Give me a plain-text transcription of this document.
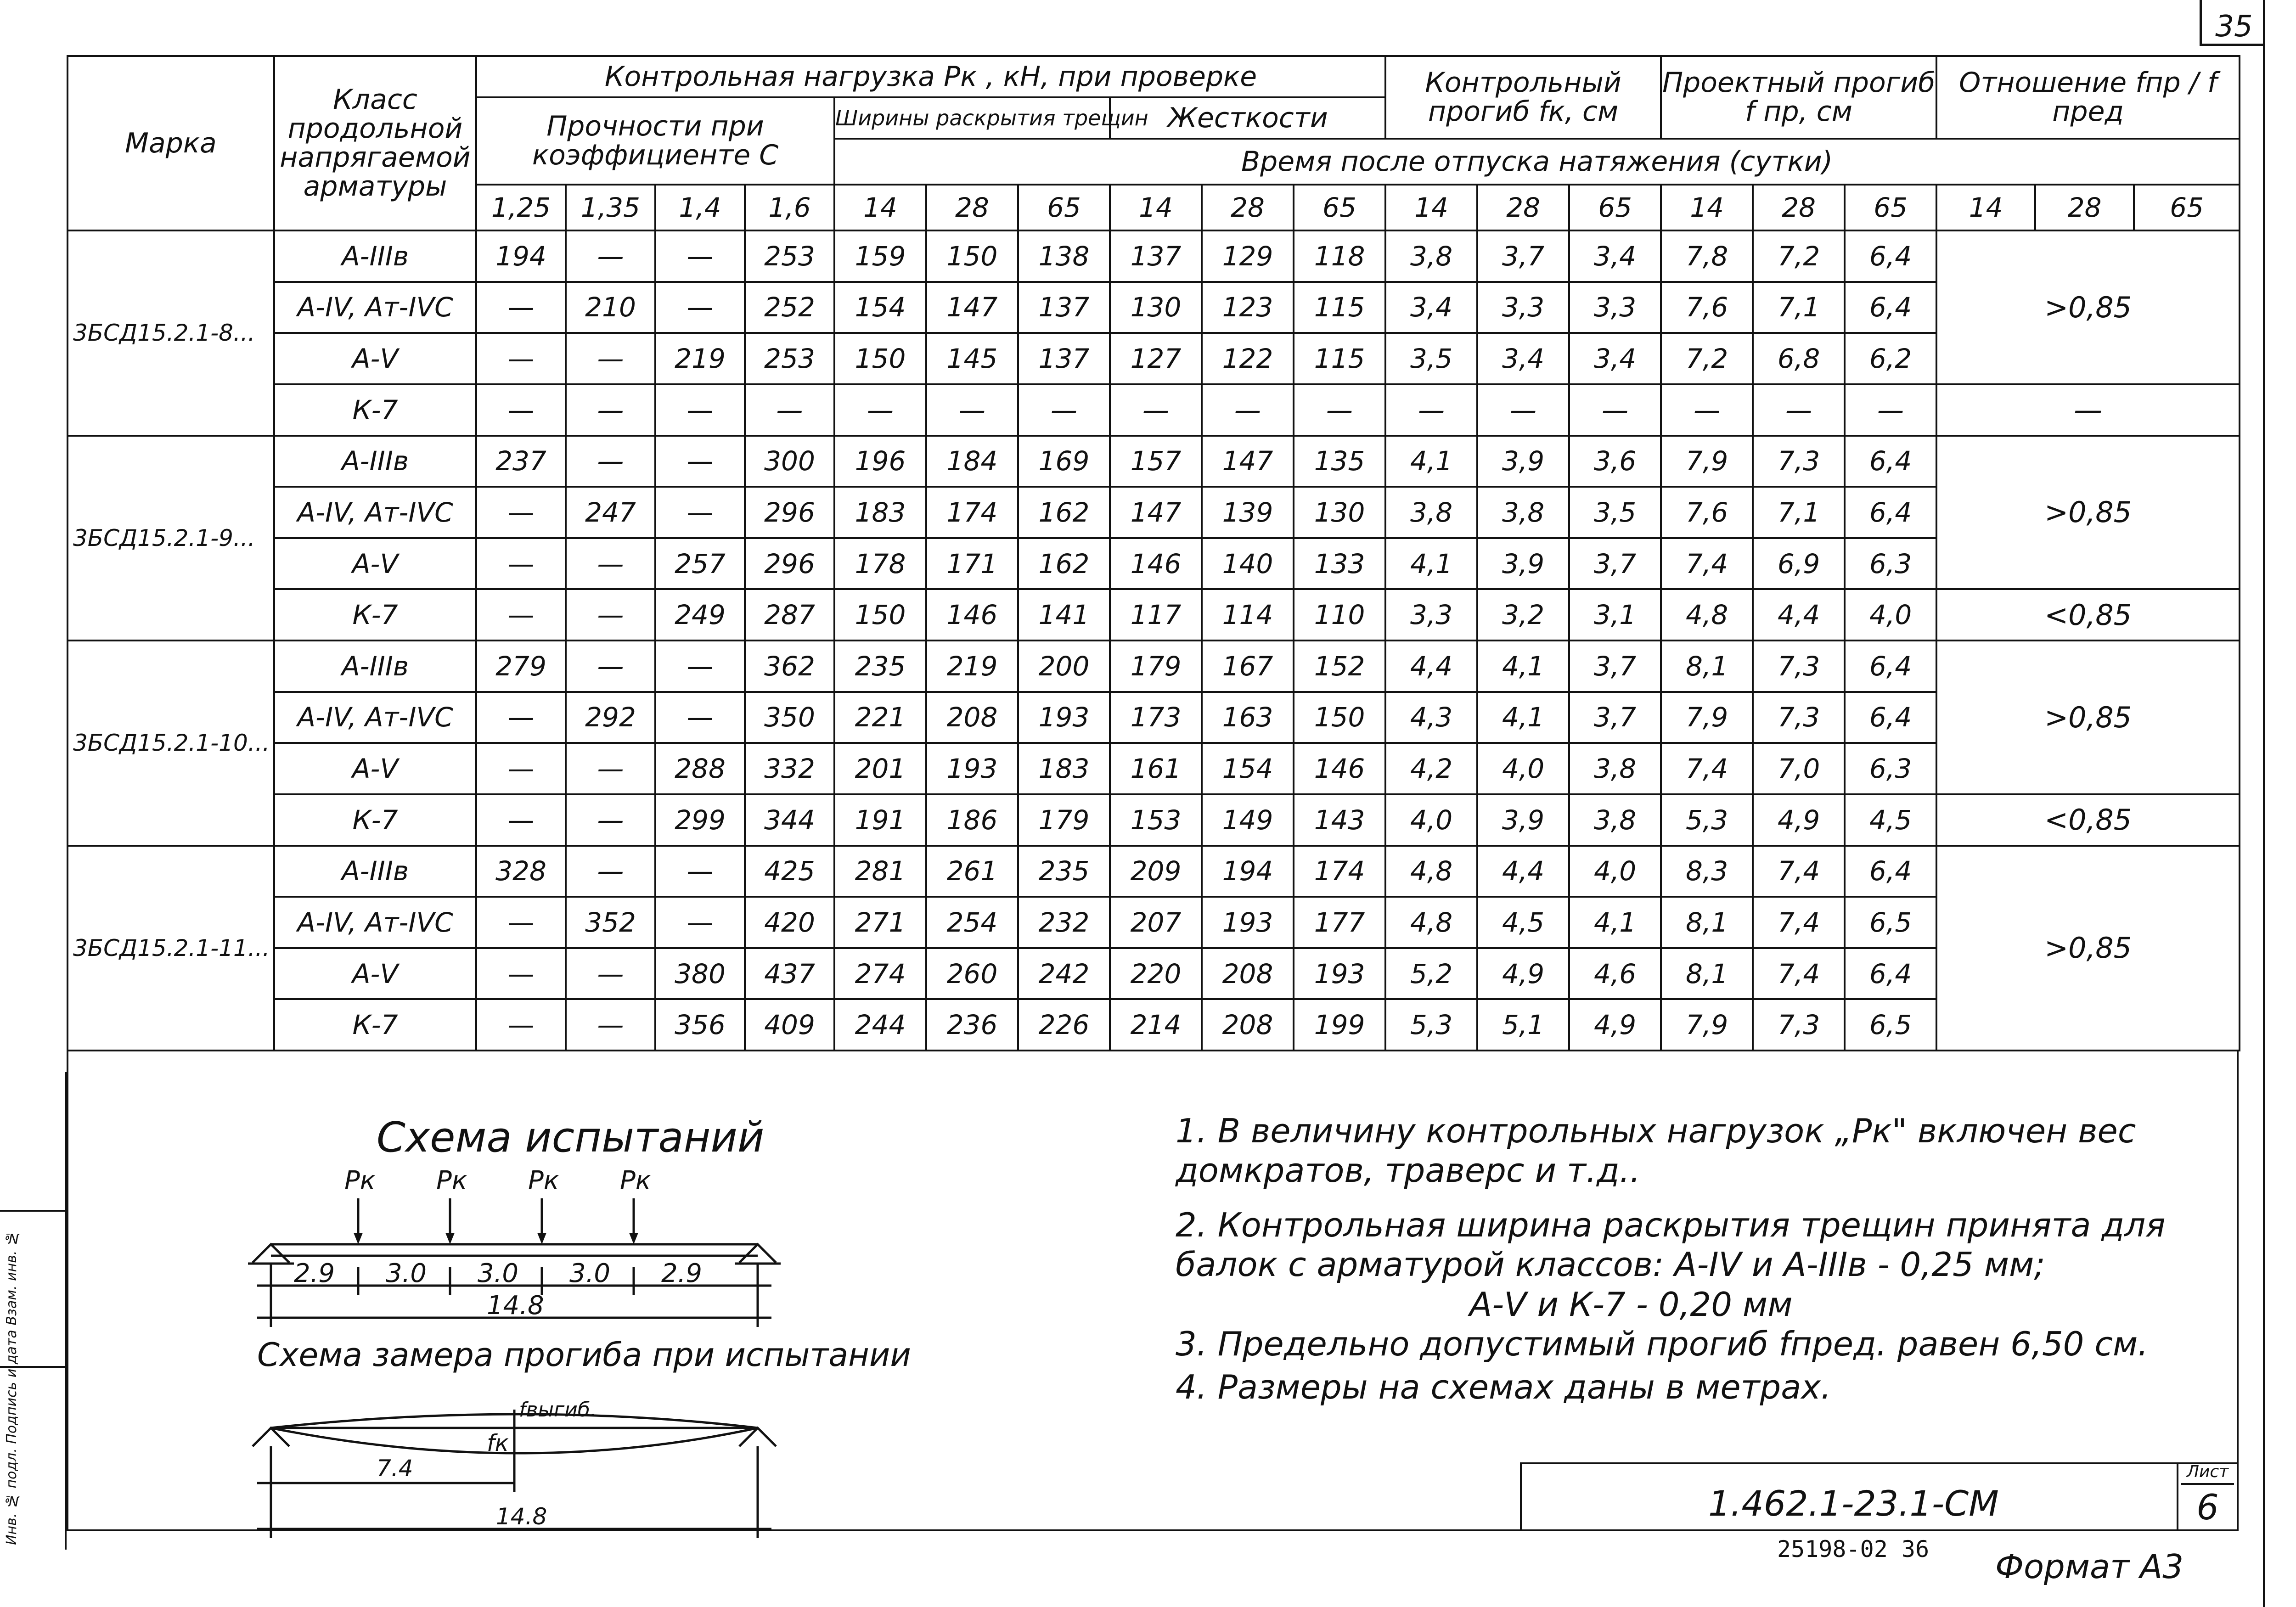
35
Марка	Класс продольной напрягаемой арматуры	Контрольная нагрузка Pк , кН, при проверке										Контрольный прогиб fк, см			Проектный прогиб f пр, см			Отношение fпр / f пред		
		Прочности при коэффициенте C				Ширины раскрытия трещин			Жесткости											
						Время после отпуска натяжения (сутки)														
		1,25	1,35	1,4	1,6	14	28	65	14	28	65	14	28	65	14	28	65	14	28	65
3БСД15.2.1-8...	А-IIIв	194	—	—	253	159	150	138	137	129	118	3,8	3,7	3,4	7,8	7,2	6,4	>0,85		
	А-IV, Ат-IVС	—	210	—	252	154	147	137	130	123	115	3,4	3,3	3,3	7,6	7,1	6,4			
	А-V	—	—	219	253	150	145	137	127	122	115	3,5	3,4	3,4	7,2	6,8	6,2			
	К-7	—	—	—	—	—	—	—	—	—	—	—	—	—	—	—	—	—		
3БСД15.2.1-9...	А-IIIв	237	—	—	300	196	184	169	157	147	135	4,1	3,9	3,6	7,9	7,3	6,4	>0,85		
	А-IV, Ат-IVС	—	247	—	296	183	174	162	147	139	130	3,8	3,8	3,5	7,6	7,1	6,4			
	А-V	—	—	257	296	178	171	162	146	140	133	4,1	3,9	3,7	7,4	6,9	6,3			
	К-7	—	—	249	287	150	146	141	117	114	110	3,3	3,2	3,1	4,8	4,4	4,0	<0,85		
3БСД15.2.1-10...	А-IIIв	279	—	—	362	235	219	200	179	167	152	4,4	4,1	3,7	8,1	7,3	6,4	>0,85		
	А-IV, Ат-IVС	—	292	—	350	221	208	193	173	163	150	4,3	4,1	3,7	7,9	7,3	6,4			
	А-V	—	—	288	332	201	193	183	161	154	146	4,2	4,0	3,8	7,4	7,0	6,3			
	К-7	—	—	299	344	191	186	179	153	149	143	4,0	3,9	3,8	5,3	4,9	4,5	<0,85		
3БСД15.2.1-11...	А-IIIв	328	—	—	425	281	261	235	209	194	174	4,8	4,4	4,0	8,3	7,4	6,4	>0,85		
	А-IV, Ат-IVС	—	352	—	420	271	254	232	207	193	177	4,8	4,5	4,1	8,1	7,4	6,5			
	А-V	—	—	380	437	274	260	242	220	208	193	5,2	4,9	4,6	8,1	7,4	6,4			
	К-7	—	—	356	409	244	236	226	214	208	199	5,3	5,1	4,9	7,9	7,3	6,5			
Инв. № подл. Подпись и дата Взам. инв. №
Схема испытаний
Pк Pк Pк Pк
2.9 3.0 3.0 3.0 2.9
14.8
Схема замера прогиба при испытании
fвыгиб.
fк
7.4
14.8

1. В величину контрольных нагрузок „Pк" включен вес домкратов, траверс и т.д..

2. Контрольная ширина раскрытия трещин принята для балок с арматурой классов: А-IV и А-IIIв - 0,25 мм;

А-V и К-7 - 0,20 мм

3. Предельно допустимый прогиб fпред. равен 6,50 см.

4. Размеры на схемах даны в метрах.

1.462.1-23.1-СМ
Лист
6
25198-02 36 Формат А3
